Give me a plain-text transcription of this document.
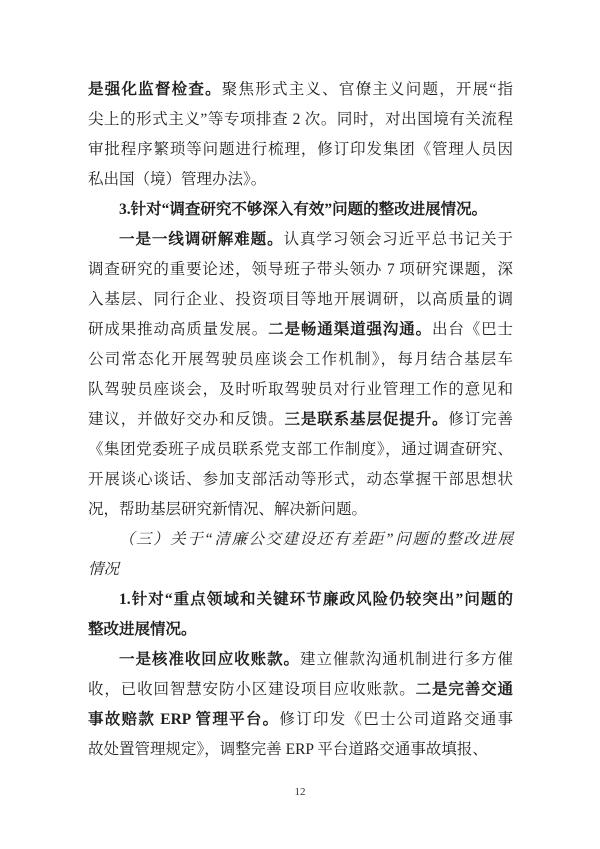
是强化监督检查。聚焦形式主义、官僚主义问题，开展“指
尖上的形式主义”等专项排查 2 次。同时，对出国境有关流程
审批程序繁琐等问题进行梳理，修订印发集团《管理人员因
私出国（境）管理办法》。
3.针对“调查研究不够深入有效”问题的整改进展情况。
一是一线调研解难题。认真学习领会习近平总书记关于
调查研究的重要论述，领导班子带头领办 7 项研究课题，深
入基层、同行企业、投资项目等地开展调研，以高质量的调
研成果推动高质量发展。二是畅通渠道强沟通。出台《巴士
公司常态化开展驾驶员座谈会工作机制》，每月结合基层车
队驾驶员座谈会，及时听取驾驶员对行业管理工作的意见和
建议，并做好交办和反馈。三是联系基层促提升。修订完善
《集团党委班子成员联系党支部工作制度》，通过调查研究、
开展谈心谈话、参加支部活动等形式，动态掌握干部思想状
况，帮助基层研究新情况、解决新问题。
（三）关于“清廉公交建设还有差距”问题的整改进展
情况
1.针对“重点领域和关键环节廉政风险仍较突出”问题的
整改进展情况。
一是核准收回应收账款。建立催款沟通机制进行多方催
收，已收回智慧安防小区建设项目应收账款。二是完善交通
事故赔款 ERP 管理平台。修订印发《巴士公司道路交通事
故处置管理规定》，调整完善 ERP 平台道路交通事故填报、
12
